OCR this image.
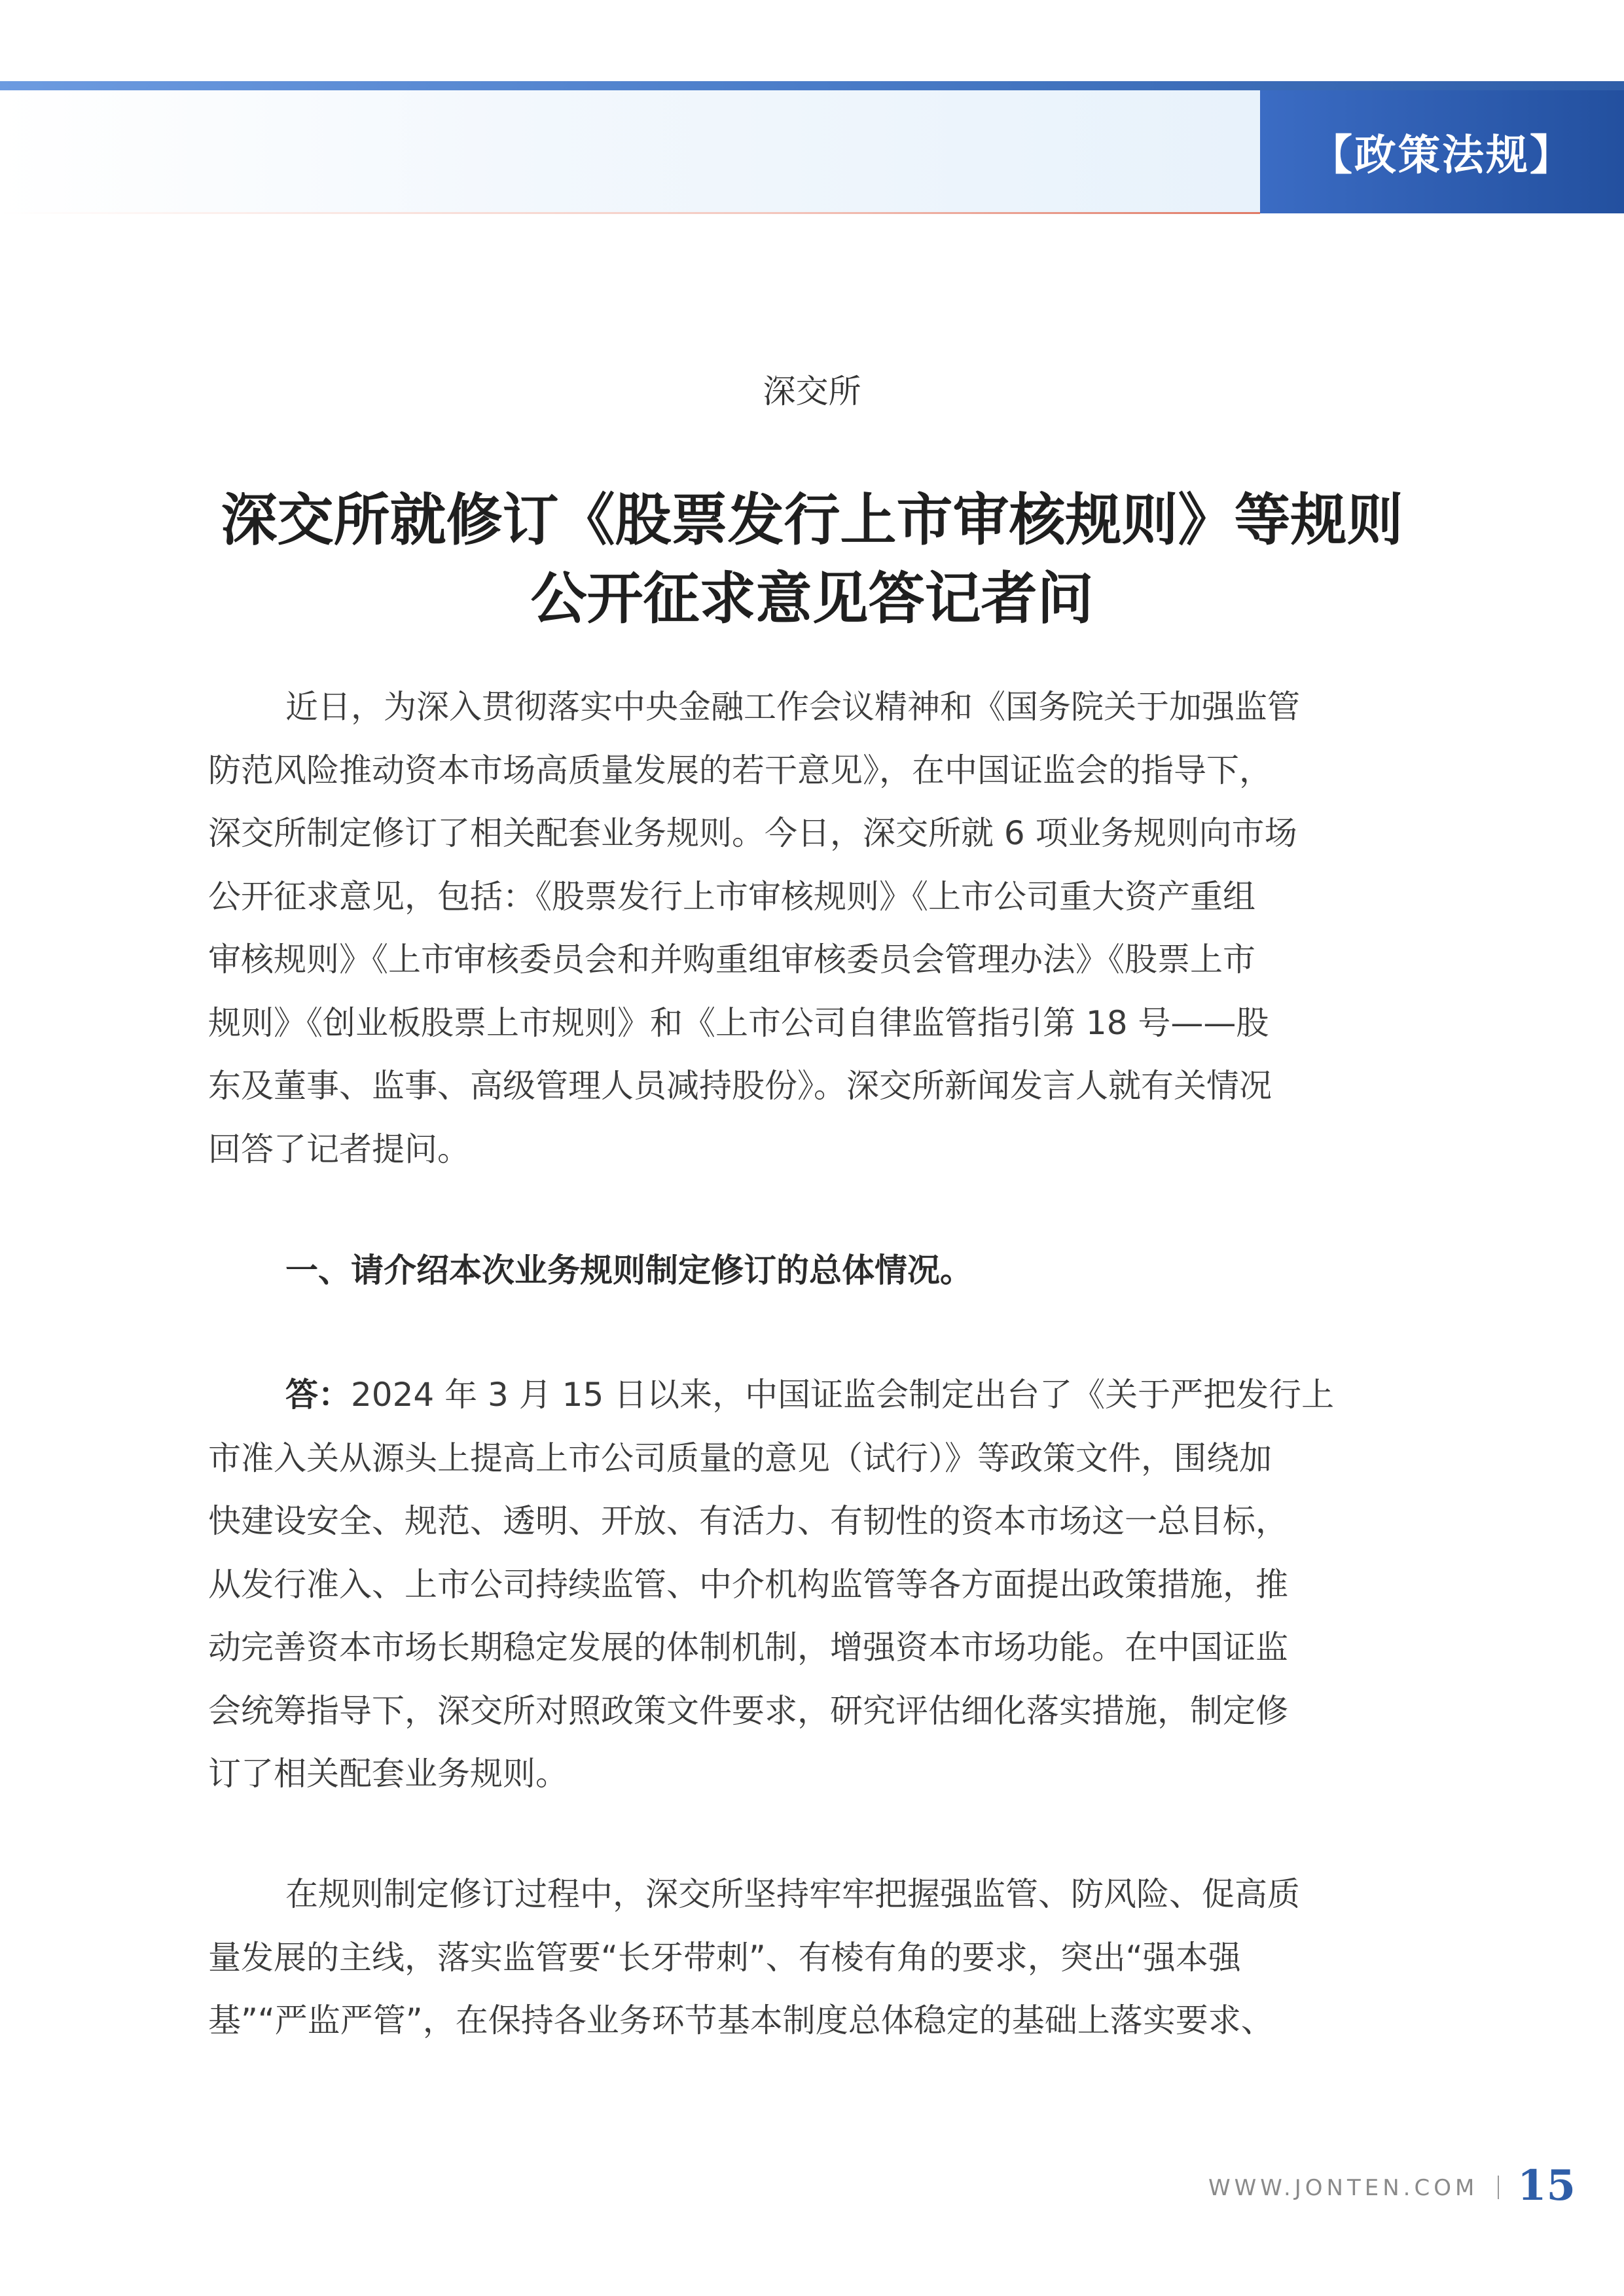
【政策法规】
深交所
深交所就修订《股票发行上市审核规则》等规则
公开征求意见答记者问
近日，为深入贯彻落实中央金融工作会议精神和《国务院关于加强监管
防范风险推动资本市场高质量发展的若干意见》，在中国证监会的指导下，
深交所制定修订了相关配套业务规则。今日，深交所就 6 项业务规则向市场
公开征求意见，包括：《股票发行上市审核规则》《上市公司重大资产重组
审核规则》《上市审核委员会和并购重组审核委员会管理办法》《股票上市
规则》《创业板股票上市规则》和《上市公司自律监管指引第 18 号——股
东及董事、监事、高级管理人员减持股份》。深交所新闻发言人就有关情况
回答了记者提问。
一、请介绍本次业务规则制定修订的总体情况。
答：2024 年 3 月 15 日以来，中国证监会制定出台了《关于严把发行上
市准入关从源头上提高上市公司质量的意见（试行）》等政策文件，围绕加
快建设安全、规范、透明、开放、有活力、有韧性的资本市场这一总目标，
从发行准入、上市公司持续监管、中介机构监管等各方面提出政策措施，推
动完善资本市场长期稳定发展的体制机制，增强资本市场功能。在中国证监
会统筹指导下，深交所对照政策文件要求，研究评估细化落实措施，制定修
订了相关配套业务规则。
在规则制定修订过程中，深交所坚持牢牢把握强监管、防风险、促高质
量发展的主线，落实监管要“长牙带刺”、有棱有角的要求，突出“强本强
基”“严监严管”，在保持各业务环节基本制度总体稳定的基础上落实要求、
WWW.JONTEN.COM 15
